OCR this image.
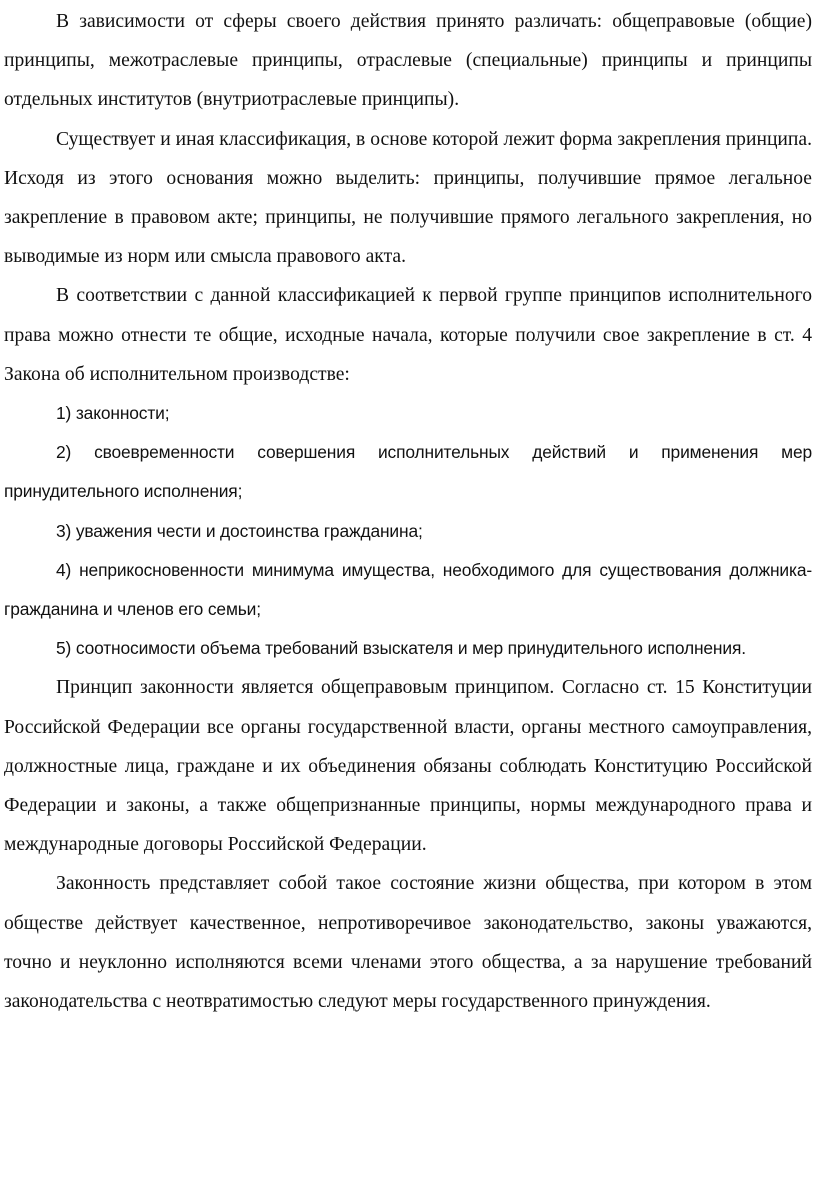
В зависимости от сферы своего действия принято различать: общеправовые (общие) принципы, межотраслевые принципы, отраслевые (специальные) принципы и принципы отдельных институтов (внутриотраслевые принципы).

Существует и иная классификация, в основе которой лежит форма закрепления принципа. Исходя из этого основания можно выделить: принципы, получившие прямое легальное закрепление в правовом акте; принципы, не получившие прямого легального закрепления, но выводимые из норм или смысла правового акта.

В соответствии с данной классификацией к первой группе принципов исполнительного права можно отнести те общие, исходные начала, которые получили свое закрепление в ст. 4 Закона об исполнительном производстве:

1) законности;

2) своевременности совершения исполнительных действий и применения мер принудительного исполнения;

3) уважения чести и достоинства гражданина;

4) неприкосновенности минимума имущества, необходимого для существования должника-гражданина и членов его семьи;

5) соотносимости объема требований взыскателя и мер принудительного исполнения.

Принцип законности является общеправовым принципом. Согласно ст. 15 Конституции Российской Федерации все органы государственной власти, органы местного самоуправления, должностные лица, граждане и их объединения обязаны соблюдать Конституцию Российской Федерации и законы, а также общепризнанные принципы, нормы международного права и международные договоры Российской Федерации.

Законность представляет собой такое состояние жизни общества, при котором в этом обществе действует качественное, непротиворечивое законодательство, законы уважаются, точно и неуклонно исполняются всеми членами этого общества, а за нарушение требований законодательства с неотвратимостью следуют меры государственного принуждения.
